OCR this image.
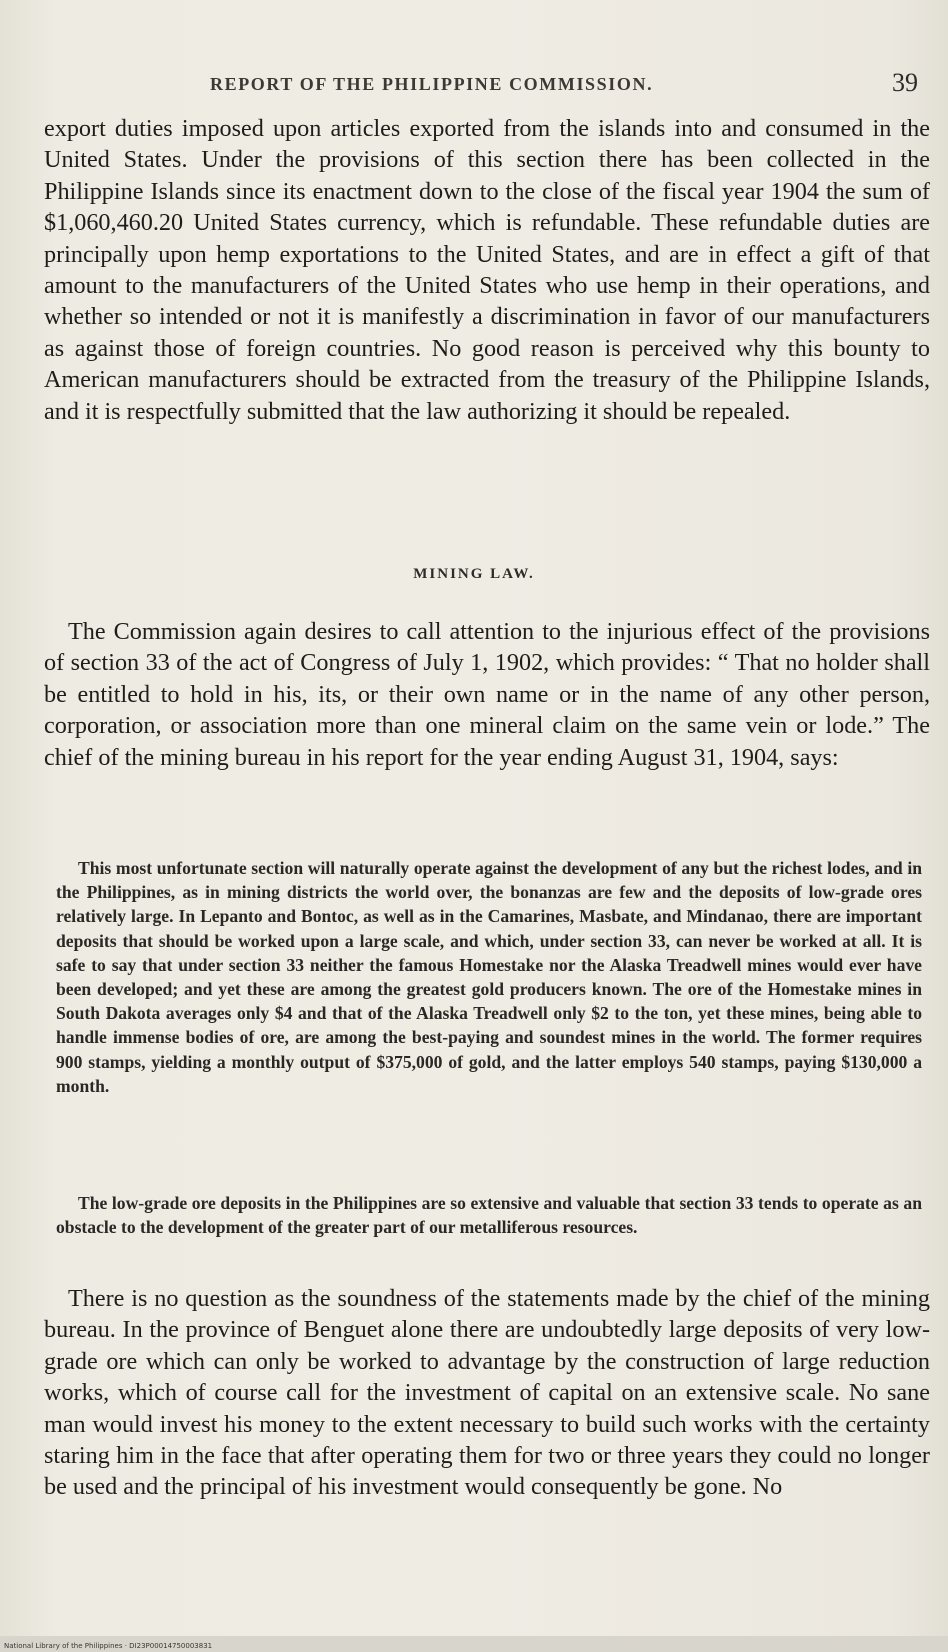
REPORT OF THE PHILIPPINE COMMISSION.	39
export duties imposed upon articles exported from the islands into and consumed in the United States. Under the provisions of this section there has been collected in the Philippine Islands since its enactment down to the close of the fiscal year 1904 the sum of $1,060,460.20 United States currency, which is refundable. These refundable duties are principally upon hemp exportations to the United States, and are in effect a gift of that amount to the manufacturers of the United States who use hemp in their operations, and whether so intended or not it is manifestly a discrimination in favor of our manufacturers as against those of foreign countries. No good reason is perceived why this bounty to American manufacturers should be extracted from the treasury of the Philippine Islands, and it is respectfully submitted that the law authorizing it should be repealed.
MINING LAW.
The Commission again desires to call attention to the injurious effect of the provisions of section 33 of the act of Congress of July 1, 1902, which provides: “ That no holder shall be entitled to hold in his, its, or their own name or in the name of any other person, corporation, or association more than one mineral claim on the same vein or lode.” The chief of the mining bureau in his report for the year ending August 31, 1904, says:
This most unfortunate section will naturally operate against the development of any but the richest lodes, and in the Philippines, as in mining districts the world over, the bonanzas are few and the deposits of low-grade ores relatively large. In Lepanto and Bontoc, as well as in the Camarines, Masbate, and Mindanao, there are important deposits that should be worked upon a large scale, and which, under section 33, can never be worked at all. It is safe to say that under section 33 neither the famous Homestake nor the Alaska Treadwell mines would ever have been developed; and yet these are among the greatest gold producers known. The ore of the Homestake mines in South Dakota averages only $4 and that of the Alaska Treadwell only $2 to the ton, yet these mines, being able to handle immense bodies of ore, are among the best-paying and soundest mines in the world. The former requires 900 stamps, yielding a monthly output of $375,000 of gold, and the latter employs 540 stamps, paying $130,000 a month.
The low-grade ore deposits in the Philippines are so extensive and valuable that section 33 tends to operate as an obstacle to the development of the greater part of our metalliferous resources.
There is no question as the soundness of the statements made by the chief of the mining bureau. In the province of Benguet alone there are undoubtedly large deposits of very low-grade ore which can only be worked to advantage by the construction of large reduction works, which of course call for the investment of capital on an extensive scale. No sane man would invest his money to the extent necessary to build such works with the certainty staring him in the face that after operating them for two or three years they could no longer be used and the principal of his investment would consequently be gone. No
National Library of the Philippines · DI23P00014750003831
